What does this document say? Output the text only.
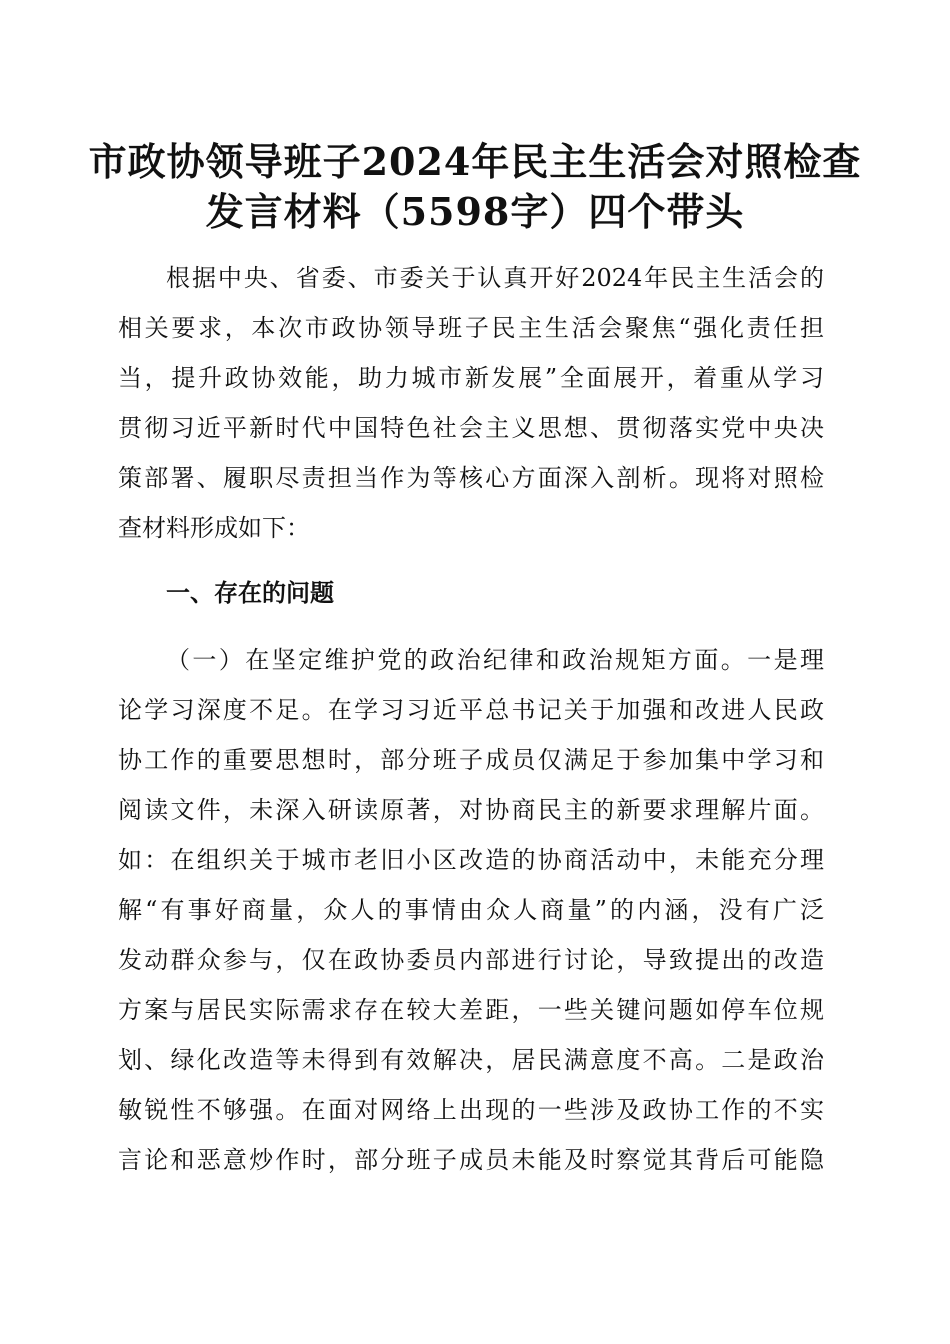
市政协领导班子2024年民主生活会对照检查
发言材料（5598字）四个带头

根据中央、省委、市委关于认真开好2024年民主生活会的

相关要求，本次市政协领导班子民主生活会聚焦“强化责任担

当，提升政协效能，助力城市新发展”全面展开，着重从学习

贯彻习近平新时代中国特色社会主义思想、贯彻落实党中央决

策部署、履职尽责担当作为等核心方面深入剖析。现将对照检

查材料形成如下：

一、存在的问题

（一）在坚定维护党的政治纪律和政治规矩方面。一是理

论学习深度不足。在学习习近平总书记关于加强和改进人民政

协工作的重要思想时，部分班子成员仅满足于参加集中学习和

阅读文件，未深入研读原著，对协商民主的新要求理解片面。

如：在组织关于城市老旧小区改造的协商活动中，未能充分理

解“有事好商量，众人的事情由众人商量”的内涵，没有广泛

发动群众参与，仅在政协委员内部进行讨论，导致提出的改造

方案与居民实际需求存在较大差距，一些关键问题如停车位规

划、绿化改造等未得到有效解决，居民满意度不高。二是政治

敏锐性不够强。在面对网络上出现的一些涉及政协工作的不实

言论和恶意炒作时，部分班子成员未能及时察觉其背后可能隐
